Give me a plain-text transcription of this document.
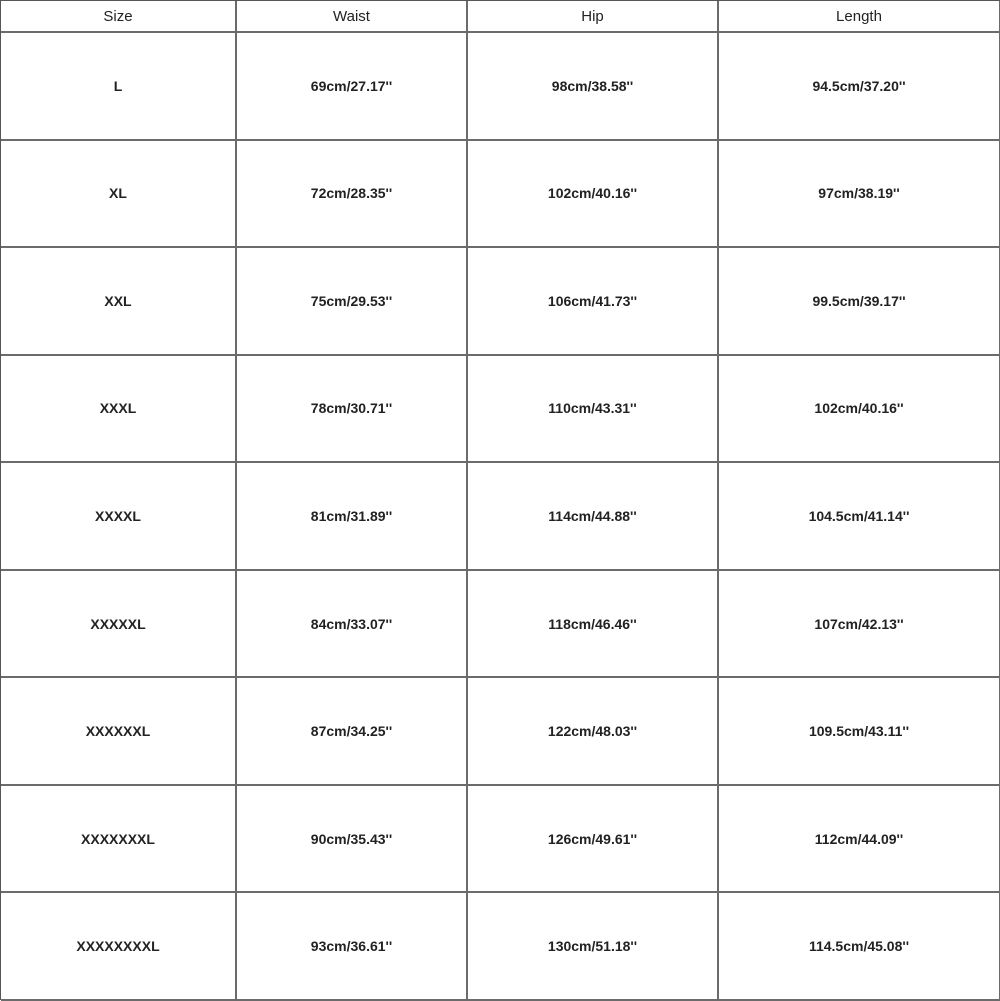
Size	Waist	Hip	Length
L	69cm/27.17''	98cm/38.58''	94.5cm/37.20''
XL	72cm/28.35''	102cm/40.16''	97cm/38.19''
XXL	75cm/29.53''	106cm/41.73''	99.5cm/39.17''
XXXL	78cm/30.71''	110cm/43.31''	102cm/40.16''
XXXXL	81cm/31.89''	114cm/44.88''	104.5cm/41.14''
XXXXXL	84cm/33.07''	118cm/46.46''	107cm/42.13''
XXXXXXL	87cm/34.25''	122cm/48.03''	109.5cm/43.11''
XXXXXXXL	90cm/35.43''	126cm/49.61''	112cm/44.09''
XXXXXXXXL	93cm/36.61''	130cm/51.18''	114.5cm/45.08''
